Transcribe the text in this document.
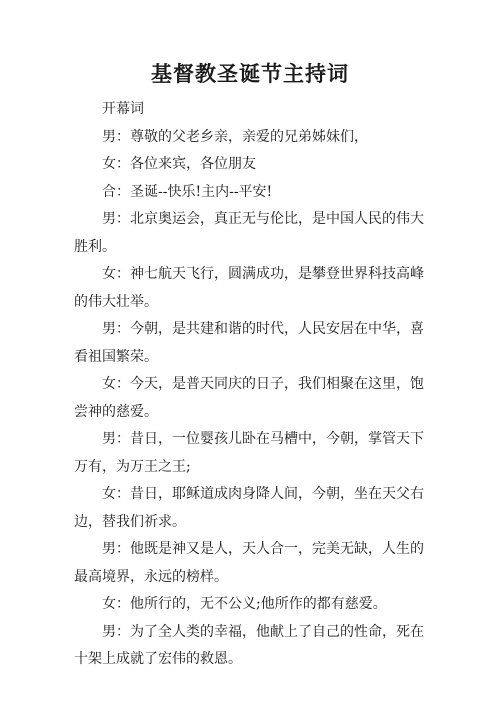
基督教圣诞节主持词

开幕词

男：尊敬的父老乡亲，亲爱的兄弟姊妹们，

女：各位来宾，各位朋友

合：圣诞--快乐!主内--平安!

男：北京奥运会，真正无与伦比，是中国人民的伟大

胜利。

女：神七航天飞行，圆满成功，是攀登世界科技高峰

的伟大壮举。

男：今朝，是共建和谐的时代，人民安居在中华，喜

看祖国繁荣。

女：今天，是普天同庆的日子，我们相聚在这里，饱

尝神的慈爱。

男：昔日，一位婴孩儿卧在马槽中，今朝，掌管天下

万有，为万王之王;

女：昔日，耶稣道成肉身降人间，今朝，坐在天父右

边，替我们祈求。

男：他既是神又是人，天人合一，完美无缺，人生的

最高境界，永远的榜样。

女：他所行的，无不公义;他所作的都有慈爱。

男：为了全人类的幸福，他献上了自己的性命，死在

十架上成就了宏伟的救恩。
